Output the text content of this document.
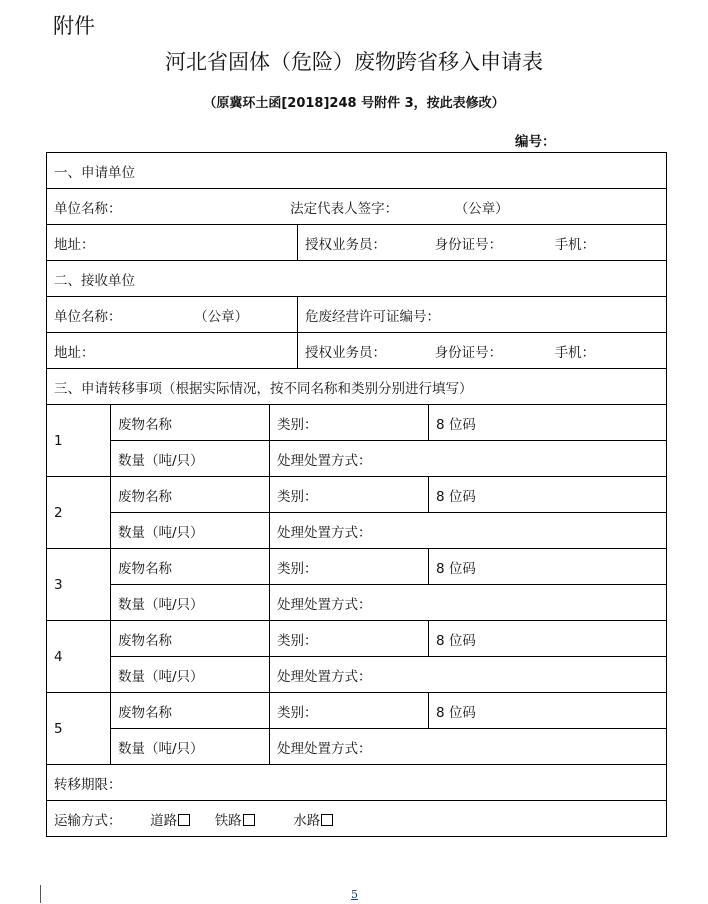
附件
河北省固体（危险）废物跨省移入申请表
（原冀环土函[2018]248 号附件 3，按此表修改）
编号：
一、申请单位				
单位名称： 法定代表人签字： （公章）				
地址：			授权业务员： 身份证号： 手机：	
二、接收单位				
单位名称： （公章）			危废经营许可证编号：	
地址：			授权业务员： 身份证号： 手机：	
三、申请转移事项（根据实际情况，按不同名称和类别分别进行填写）				
1	废物名称	类别：		8 位码
	数量（吨/只）	处理处置方式：		
2	废物名称	类别：		8 位码
	数量（吨/只）	处理处置方式：		
3	废物名称	类别：		8 位码
	数量（吨/只）	处理处置方式：		
4	废物名称	类别：		8 位码
	数量（吨/只）	处理处置方式：		
5	废物名称	类别：		8 位码
	数量（吨/只）	处理处置方式：		
转移期限：				
运输方式： 道路 铁路 水路				
5
